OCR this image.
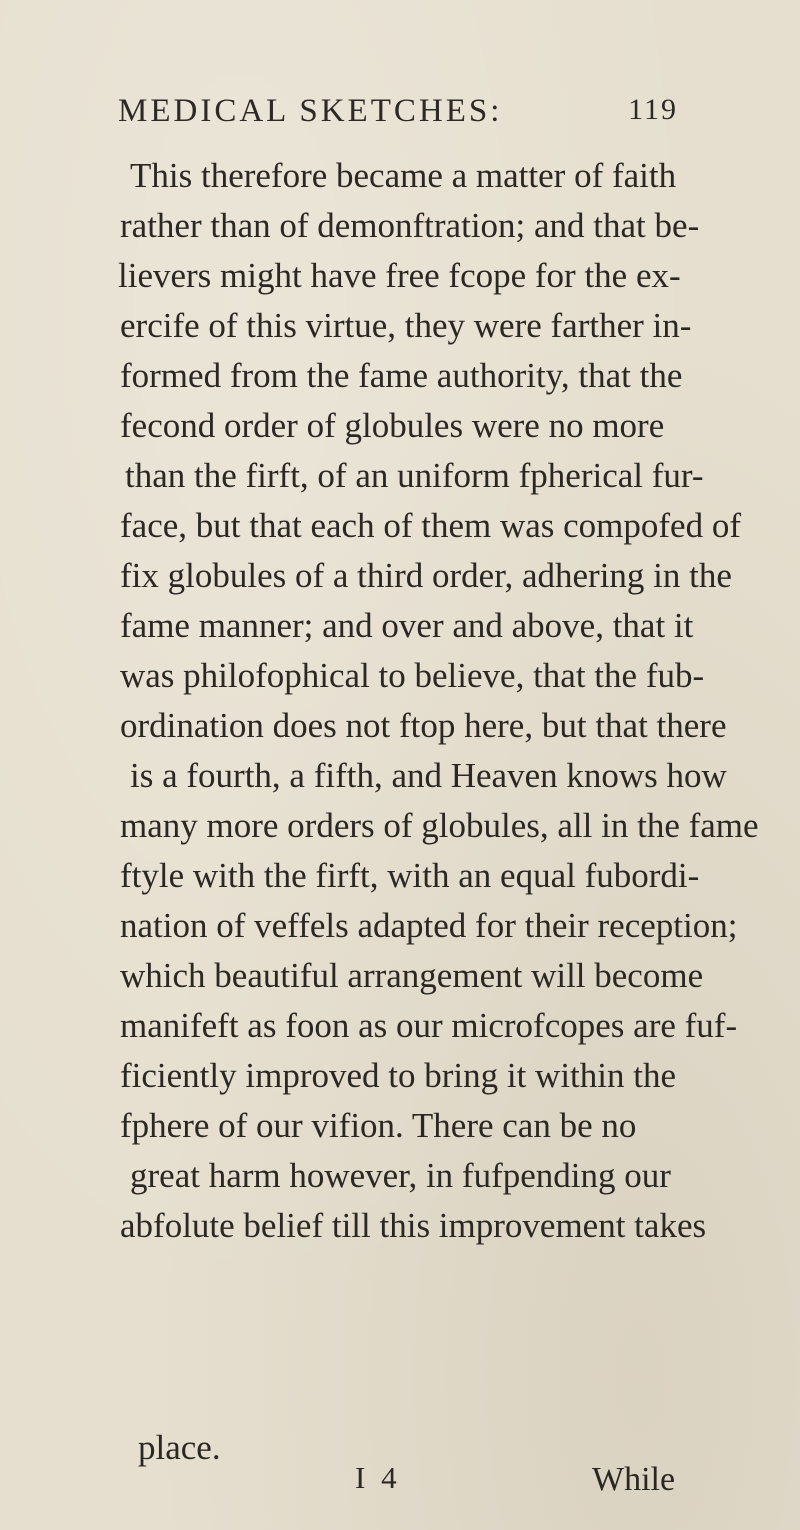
MEDICAL SKETCHES:	119
This therefore became a matter of faith
rather than of demonftration; and that be-
lievers might have free fcope for the ex-
ercife of this virtue, they were farther in-
formed from the fame authority, that the
fecond order of globules were no more
than the firft, of an uniform fpherical fur-
face, but that each of them was compofed of
fix globules of a third order, adhering in the
fame manner; and over and above, that it
was philofophical to believe, that the fub-
ordination does not ftop here, but that there
is a fourth, a fifth, and Heaven knows how
many more orders of globules, all in the fame
ftyle with the firft, with an equal fubordi-
nation of veffels adapted for their reception;
which beautiful arrangement will become
manifeft as foon as our microfcopes are fuf-
ficiently improved to bring it within the
fphere of our vifion. There can be no
great harm however, in fufpending our
abfolute belief till this improvement takes
place.
I 4	While
